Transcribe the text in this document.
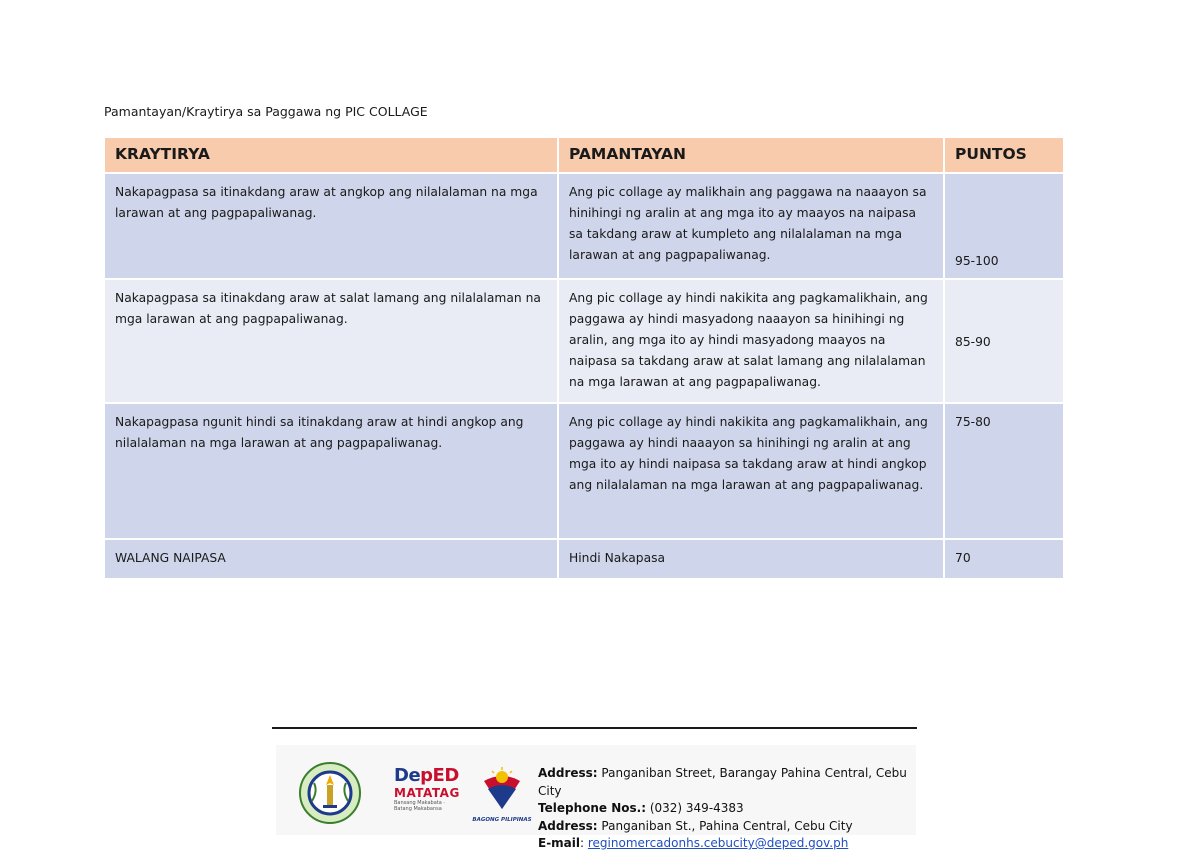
Pamantayan/Kraytirya sa Paggawa ng PIC COLLAGE
KRAYTIRYA	PAMANTAYAN	PUNTOS
Nakapagpasa sa itinakdang araw at angkop ang nilalalaman na mga larawan at ang pagpapaliwanag.	Ang pic collage ay malikhain ang paggawa na naaayon sa hinihingi ng aralin at ang mga ito ay maayos na naipasa sa takdang araw at kumpleto ang nilalalaman na mga larawan at ang pagpapaliwanag.	95-100
Nakapagpasa sa itinakdang araw at salat lamang ang nilalalaman na mga larawan at ang pagpapaliwanag.	Ang pic collage ay hindi nakikita ang pagkamalikhain, ang paggawa ay hindi masyadong naaayon sa hinihingi ng aralin, ang mga ito ay hindi masyadong maayos na naipasa sa takdang araw at salat lamang ang nilalalaman na mga larawan at ang pagpapaliwanag.	85-90
Nakapagpasa ngunit hindi sa itinakdang araw at hindi angkop ang nilalalaman na mga larawan at ang pagpapaliwanag.	Ang pic collage ay hindi nakikita ang pagkamalikhain, ang paggawa ay hindi naaayon sa hinihingi ng aralin at ang mga ito ay hindi naipasa sa takdang araw at hindi angkop ang nilalalaman na mga larawan at ang pagpapaliwanag.	75-80
WALANG NAIPASA	Hindi Nakapasa	70
DepED
MATATAG
Bansang Makabata · Batang Makabansa
BAGONG PILIPINAS
Address: Panganiban Street, Barangay Pahina Central, Cebu City
Telephone Nos.: (032) 349-4383
Address: Panganiban St., Pahina Central, Cebu City
E-mail: reginomercadonhs.cebucity@deped.gov.ph
